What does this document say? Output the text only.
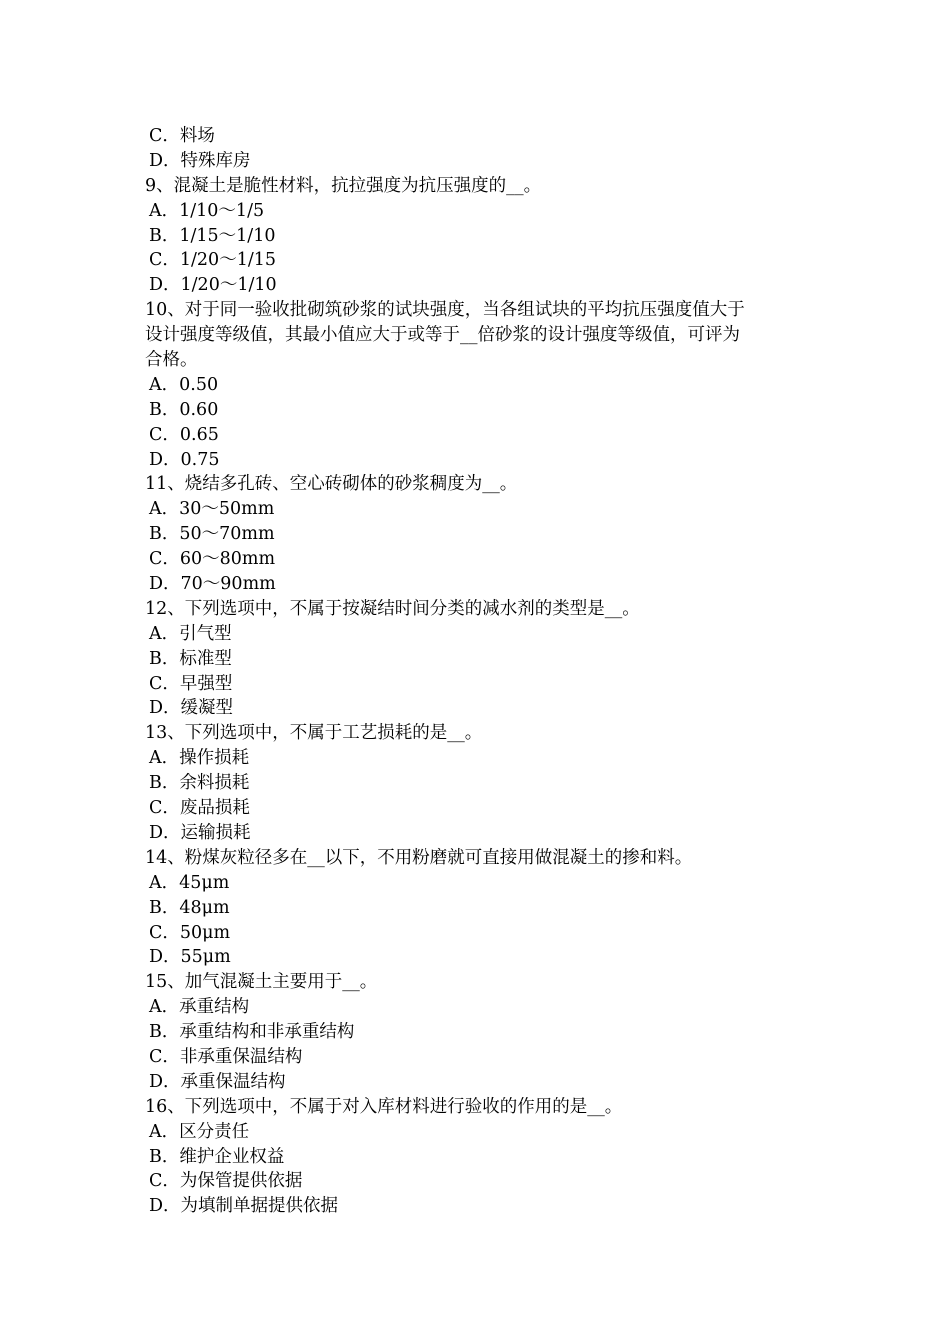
C．料场
D．特殊库房
9、混凝土是脆性材料，抗拉强度为抗压强度的__。
A．1/10～1/5
B．1/15～1/10
C．1/20～1/15
D．1/20～1/10
10、对于同一验收批砌筑砂浆的试块强度，当各组试块的平均抗压强度值大于
设计强度等级值，其最小值应大于或等于__倍砂浆的设计强度等级值，可评为
合格。
A．0.50
B．0.60
C．0.65
D．0.75
11、烧结多孔砖、空心砖砌体的砂浆稠度为__。
A．30～50mm
B．50～70mm
C．60～80mm
D．70～90mm
12、下列选项中，不属于按凝结时间分类的减水剂的类型是__。
A．引气型
B．标准型
C．早强型
D．缓凝型
13、下列选项中，不属于工艺损耗的是__。
A．操作损耗
B．余料损耗
C．废品损耗
D．运输损耗
14、粉煤灰粒径多在__以下，不用粉磨就可直接用做混凝土的掺和料。
A．45μm
B．48μm
C．50μm
D．55μm
15、加气混凝土主要用于__。
A．承重结构
B．承重结构和非承重结构
C．非承重保温结构
D．承重保温结构
16、下列选项中，不属于对入库材料进行验收的作用的是__。
A．区分责任
B．维护企业权益
C．为保管提供依据
D．为填制单据提供依据
